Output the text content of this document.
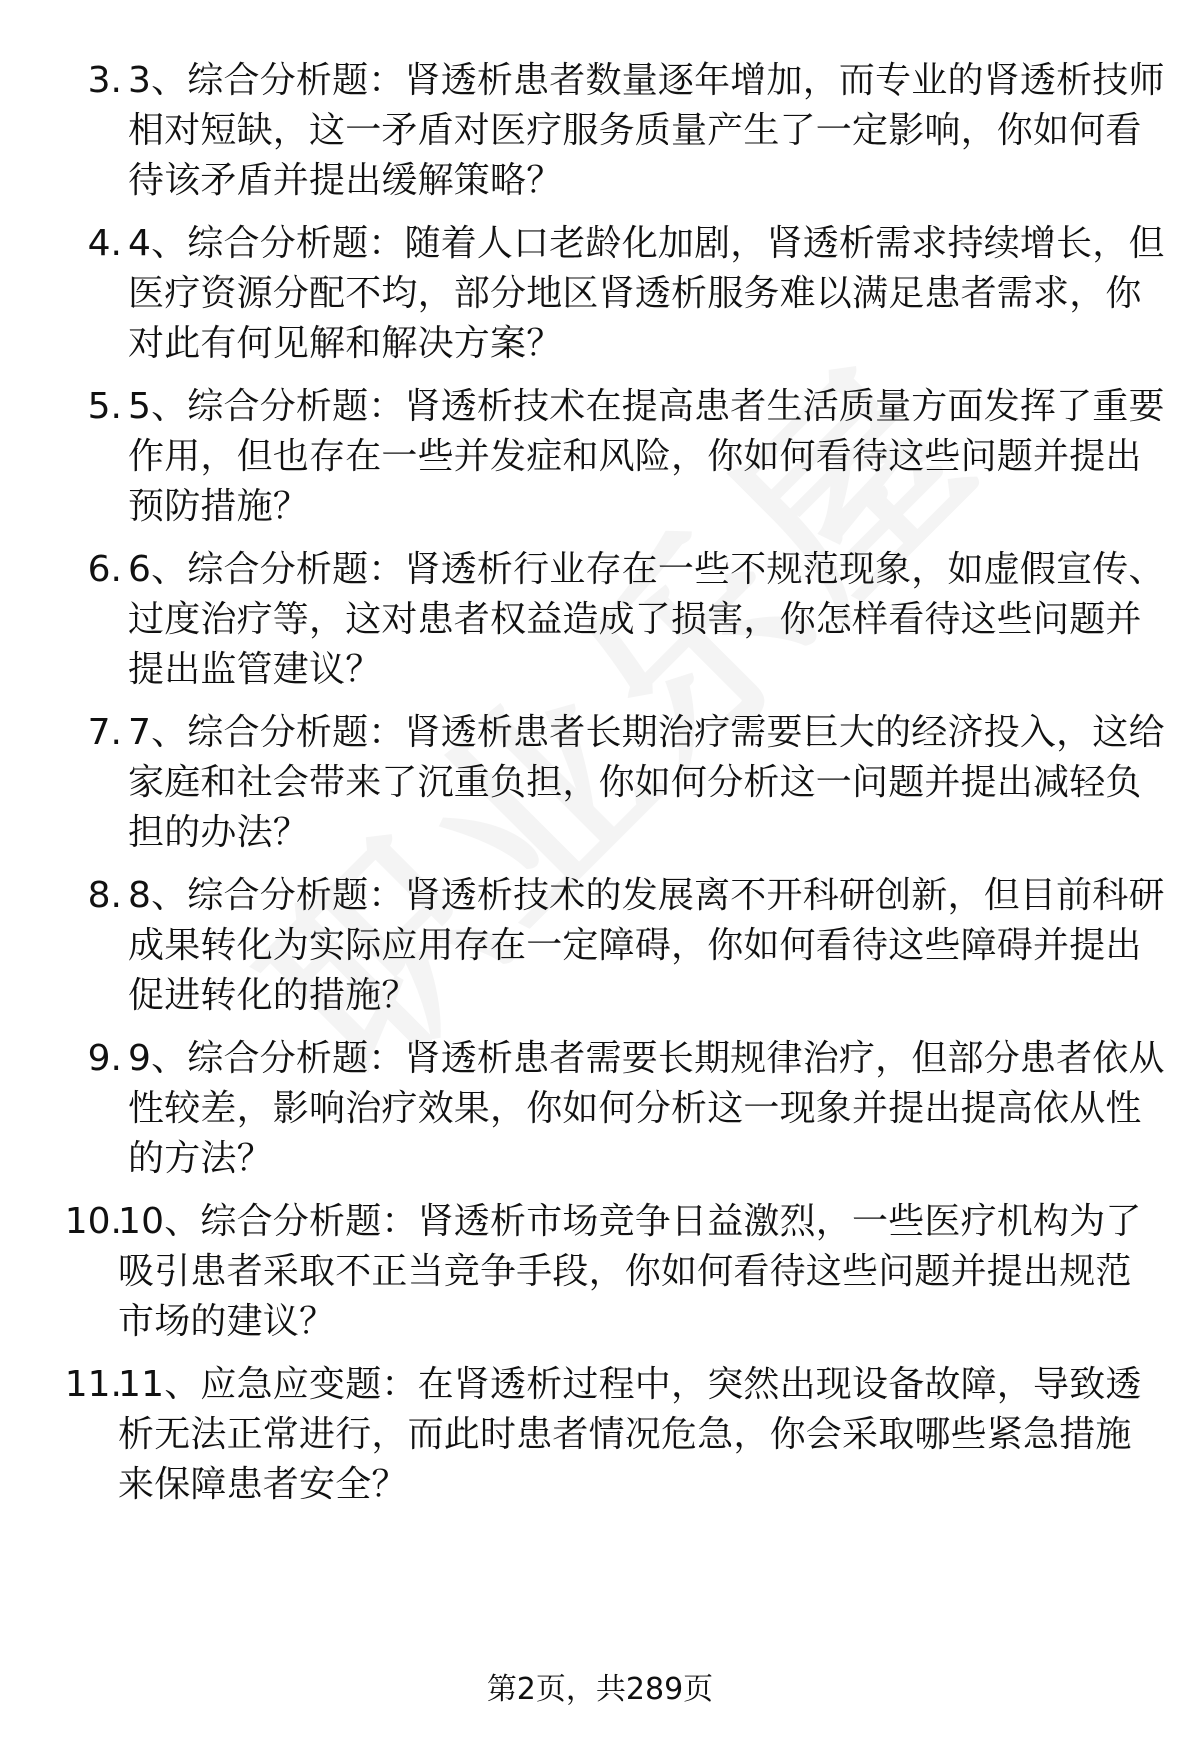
3. 3、综合分析题：肾透析患者数量逐年增加，而专业的肾透析技师
相对短缺，这一矛盾对医疗服务质量产生了一定影响，你如何看
待该矛盾并提出缓解策略？
4. 4、综合分析题：随着人口老龄化加剧，肾透析需求持续增长，但
医疗资源分配不均，部分地区肾透析服务难以满足患者需求，你
对此有何见解和解决方案？
5. 5、综合分析题：肾透析技术在提高患者生活质量方面发挥了重要
作用，但也存在一些并发症和风险，你如何看待这些问题并提出
预防措施？
6. 6、综合分析题：肾透析行业存在一些不规范现象，如虚假宣传、
过度治疗等，这对患者权益造成了损害，你怎样看待这些问题并
提出监管建议？
7. 7、综合分析题：肾透析患者长期治疗需要巨大的经济投入，这给
家庭和社会带来了沉重负担，你如何分析这一问题并提出减轻负
担的办法？
8. 8、综合分析题：肾透析技术的发展离不开科研创新，但目前科研
成果转化为实际应用存在一定障碍，你如何看待这些障碍并提出
促进转化的措施？
9. 9、综合分析题：肾透析患者需要长期规律治疗，但部分患者依从
性较差，影响治疗效果，你如何分析这一现象并提出提高依从性
的方法？
10.
10、综合分析题：肾透析市场竞争日益激烈，一些医疗机构为了
吸引患者采取不正当竞争手段，你如何看待这些问题并提出规范
市场的建议？
11.
11、应急应变题：在肾透析过程中，突然出现设备故障，导致透
析无法正常进行，而此时患者情况危急，你会采取哪些紧急措施
来保障患者安全？
第2页，共289页
